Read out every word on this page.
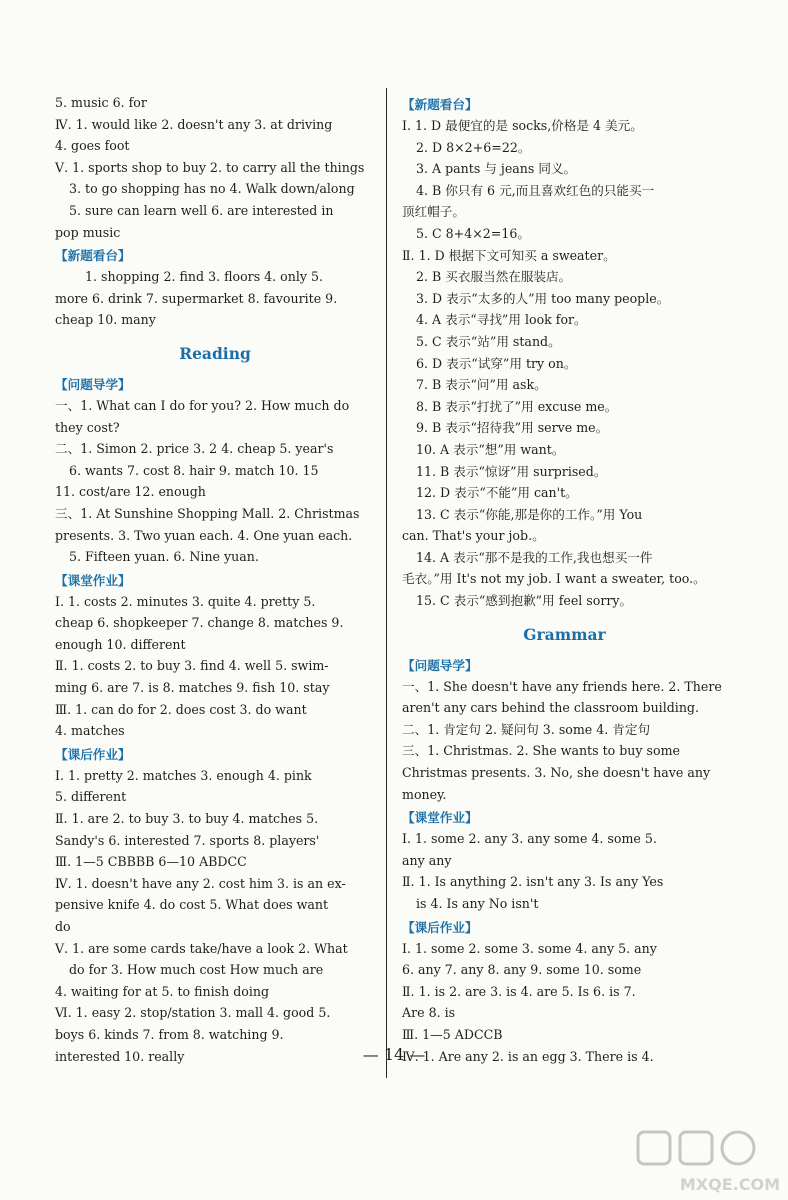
5. music 6. for
Ⅳ. 1. would like 2. doesn't any 3. at driving
4. goes foot
Ⅴ. 1. sports shop to buy 2. to carry all the things
3. to go shopping has no 4. Walk down/along
5. sure can learn well 6. are interested in
pop music
【新题看台】
1. shopping 2. find 3. floors 4. only 5.
more 6. drink 7. supermarket 8. favourite 9.
cheap 10. many
Reading
【问题导学】
一、1. What can I do for you? 2. How much do
they cost?
二、1. Simon 2. price 3. 2 4. cheap 5. year's
6. wants 7. cost 8. hair 9. match 10. 15
11. cost/are 12. enough
三、1. At Sunshine Shopping Mall. 2. Christmas
presents. 3. Two yuan each. 4. One yuan each.
5. Fifteen yuan. 6. Nine yuan.
【课堂作业】
Ⅰ. 1. costs 2. minutes 3. quite 4. pretty 5.
cheap 6. shopkeeper 7. change 8. matches 9.
enough 10. different
Ⅱ. 1. costs 2. to buy 3. find 4. well 5. swim-
ming 6. are 7. is 8. matches 9. fish 10. stay
Ⅲ. 1. can do for 2. does cost 3. do want
4. matches
【课后作业】
Ⅰ. 1. pretty 2. matches 3. enough 4. pink
5. different
Ⅱ. 1. are 2. to buy 3. to buy 4. matches 5.
Sandy's 6. interested 7. sports 8. players'
Ⅲ. 1—5 CBBBB 6—10 ABDCC
Ⅳ. 1. doesn't have any 2. cost him 3. is an ex-
pensive knife 4. do cost 5. What does want
do
Ⅴ. 1. are some cards take/have a look 2. What
do for 3. How much cost How much are
4. waiting for at 5. to finish doing
Ⅵ. 1. easy 2. stop/station 3. mall 4. good 5.
boys 6. kinds 7. from 8. watching 9.
interested 10. really
【新题看台】
Ⅰ. 1. D 最便宜的是 socks,价格是 4 美元。
2. D 8×2+6=22。
3. A pants 与 jeans 同义。
4. B 你只有 6 元,而且喜欢红色的只能买一
顶红帽子。
5. C 8+4×2=16。
Ⅱ. 1. D 根据下文可知买 a sweater。
2. B 买衣服当然在服装店。
3. D 表示“太多的人”用 too many people。
4. A 表示“寻找”用 look for。
5. C 表示“站”用 stand。
6. D 表示“试穿”用 try on。
7. B 表示“问”用 ask。
8. B 表示“打扰了”用 excuse me。
9. B 表示“招待我”用 serve me。
10. A 表示“想”用 want。
11. B 表示“惊讶”用 surprised。
12. D 表示“不能”用 can't。
13. C 表示“你能,那是你的工作。”用 You
can. That's your job.。
14. A 表示“那不是我的工作,我也想买一件
毛衣。”用 It's not my job. I want a sweater, too.。
15. C 表示“感到抱歉”用 feel sorry。
Grammar
【问题导学】
一、1. She doesn't have any friends here. 2. There
aren't any cars behind the classroom building.
二、1. 肯定句 2. 疑问句 3. some 4. 肯定句
三、1. Christmas. 2. She wants to buy some
Christmas presents. 3. No, she doesn't have any
money.
【课堂作业】
Ⅰ. 1. some 2. any 3. any some 4. some 5.
any any
Ⅱ. 1. Is anything 2. isn't any 3. Is any Yes
is 4. Is any No isn't
【课后作业】
Ⅰ. 1. some 2. some 3. some 4. any 5. any
6. any 7. any 8. any 9. some 10. some
Ⅱ. 1. is 2. are 3. is 4. are 5. Is 6. is 7.
Are 8. is
Ⅲ. 1—5 ADCCB
Ⅳ. 1. Are any 2. is an egg 3. There is 4.
— 14 —
MXQE.COM
